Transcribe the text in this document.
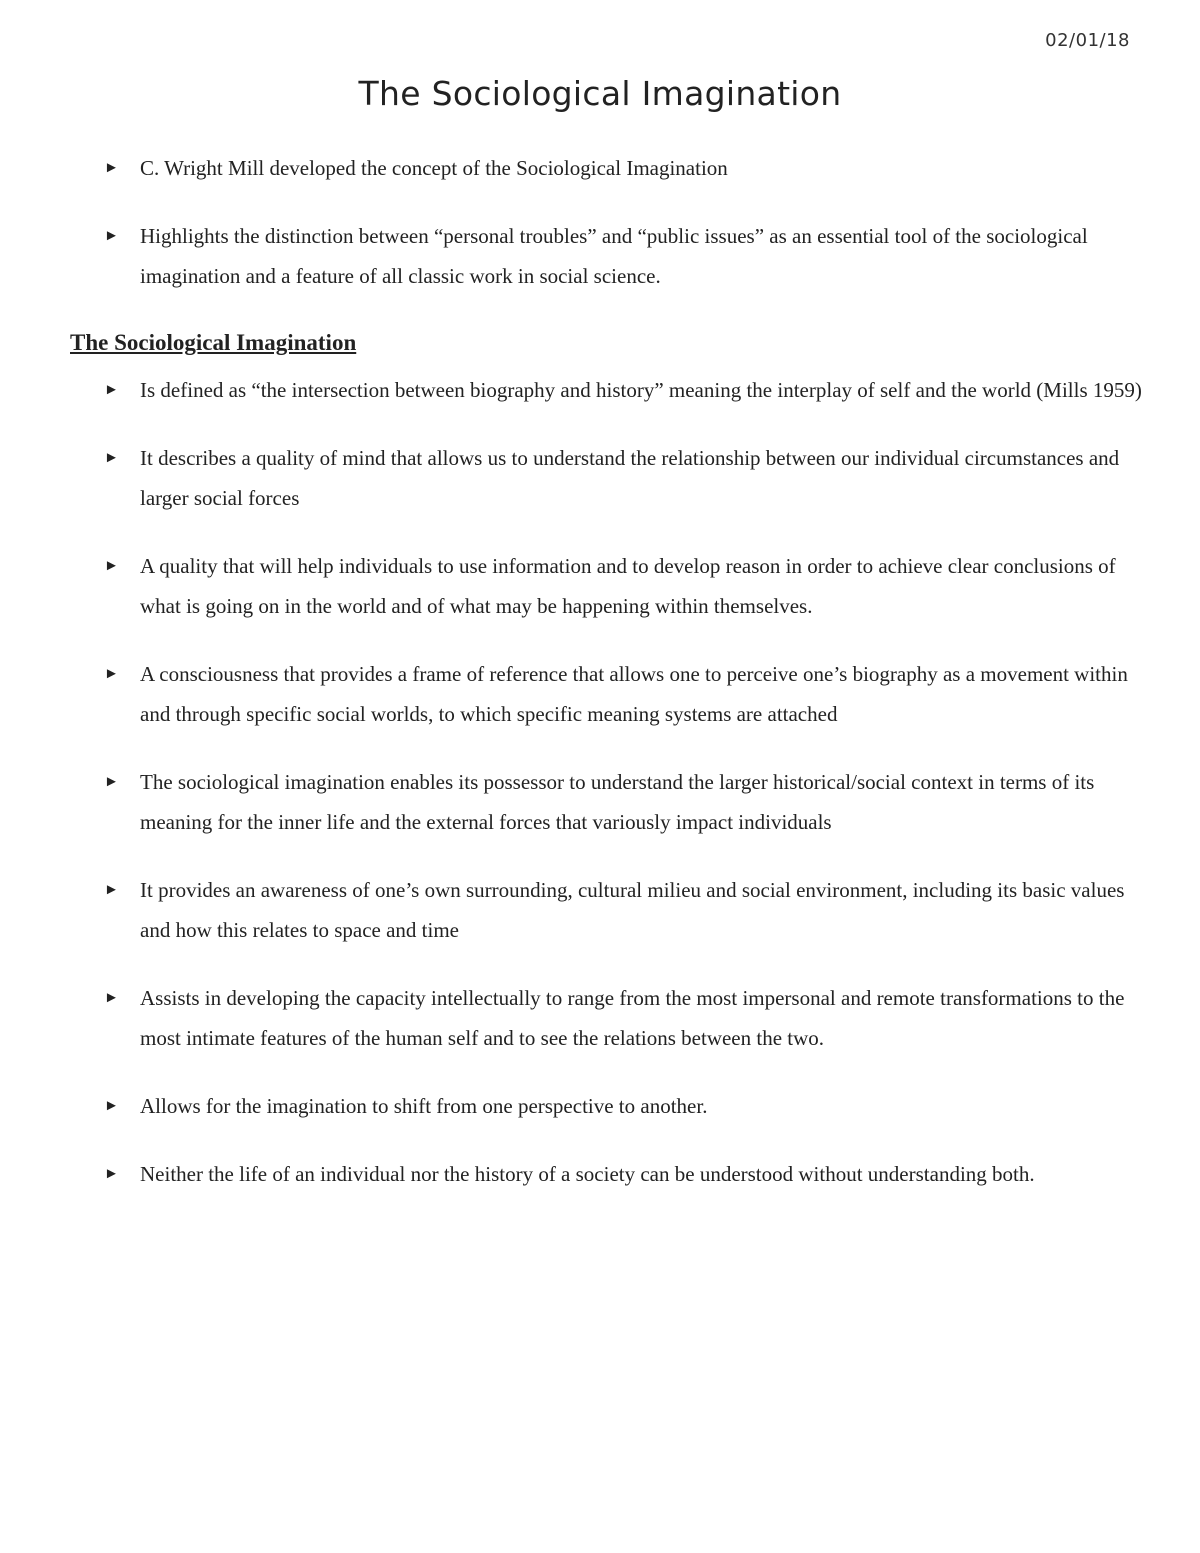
02/01/18
The Sociological Imagination
► C. Wright Mill developed the concept of the Sociological Imagination
► Highlights the distinction between “personal troubles” and “public issues” as an essential tool of the sociological imagination and a feature of all classic work in social science.
The Sociological Imagination
► Is defined as “the intersection between biography and history” meaning the interplay of self and the world (Mills 1959)
► It describes a quality of mind that allows us to understand the relationship between our individual circumstances and larger social forces
► A quality that will help individuals to use information and to develop reason in order to achieve clear conclusions of what is going on in the world and of what may be happening within themselves.
► A consciousness that provides a frame of reference that allows one to perceive one’s biography as a movement within and through specific social worlds, to which specific meaning systems are attached
► The sociological imagination enables its possessor to understand the larger historical/social context in terms of its meaning for the inner life and the external forces that variously impact individuals
► It provides an awareness of one’s own surrounding, cultural milieu and social environment, including its basic values and how this relates to space and time
► Assists in developing the capacity intellectually to range from the most impersonal and remote transformations to the most intimate features of the human self and to see the relations between the two.
► Allows for the imagination to shift from one perspective to another.
► Neither the life of an individual nor the history of a society can be understood without understanding both.
